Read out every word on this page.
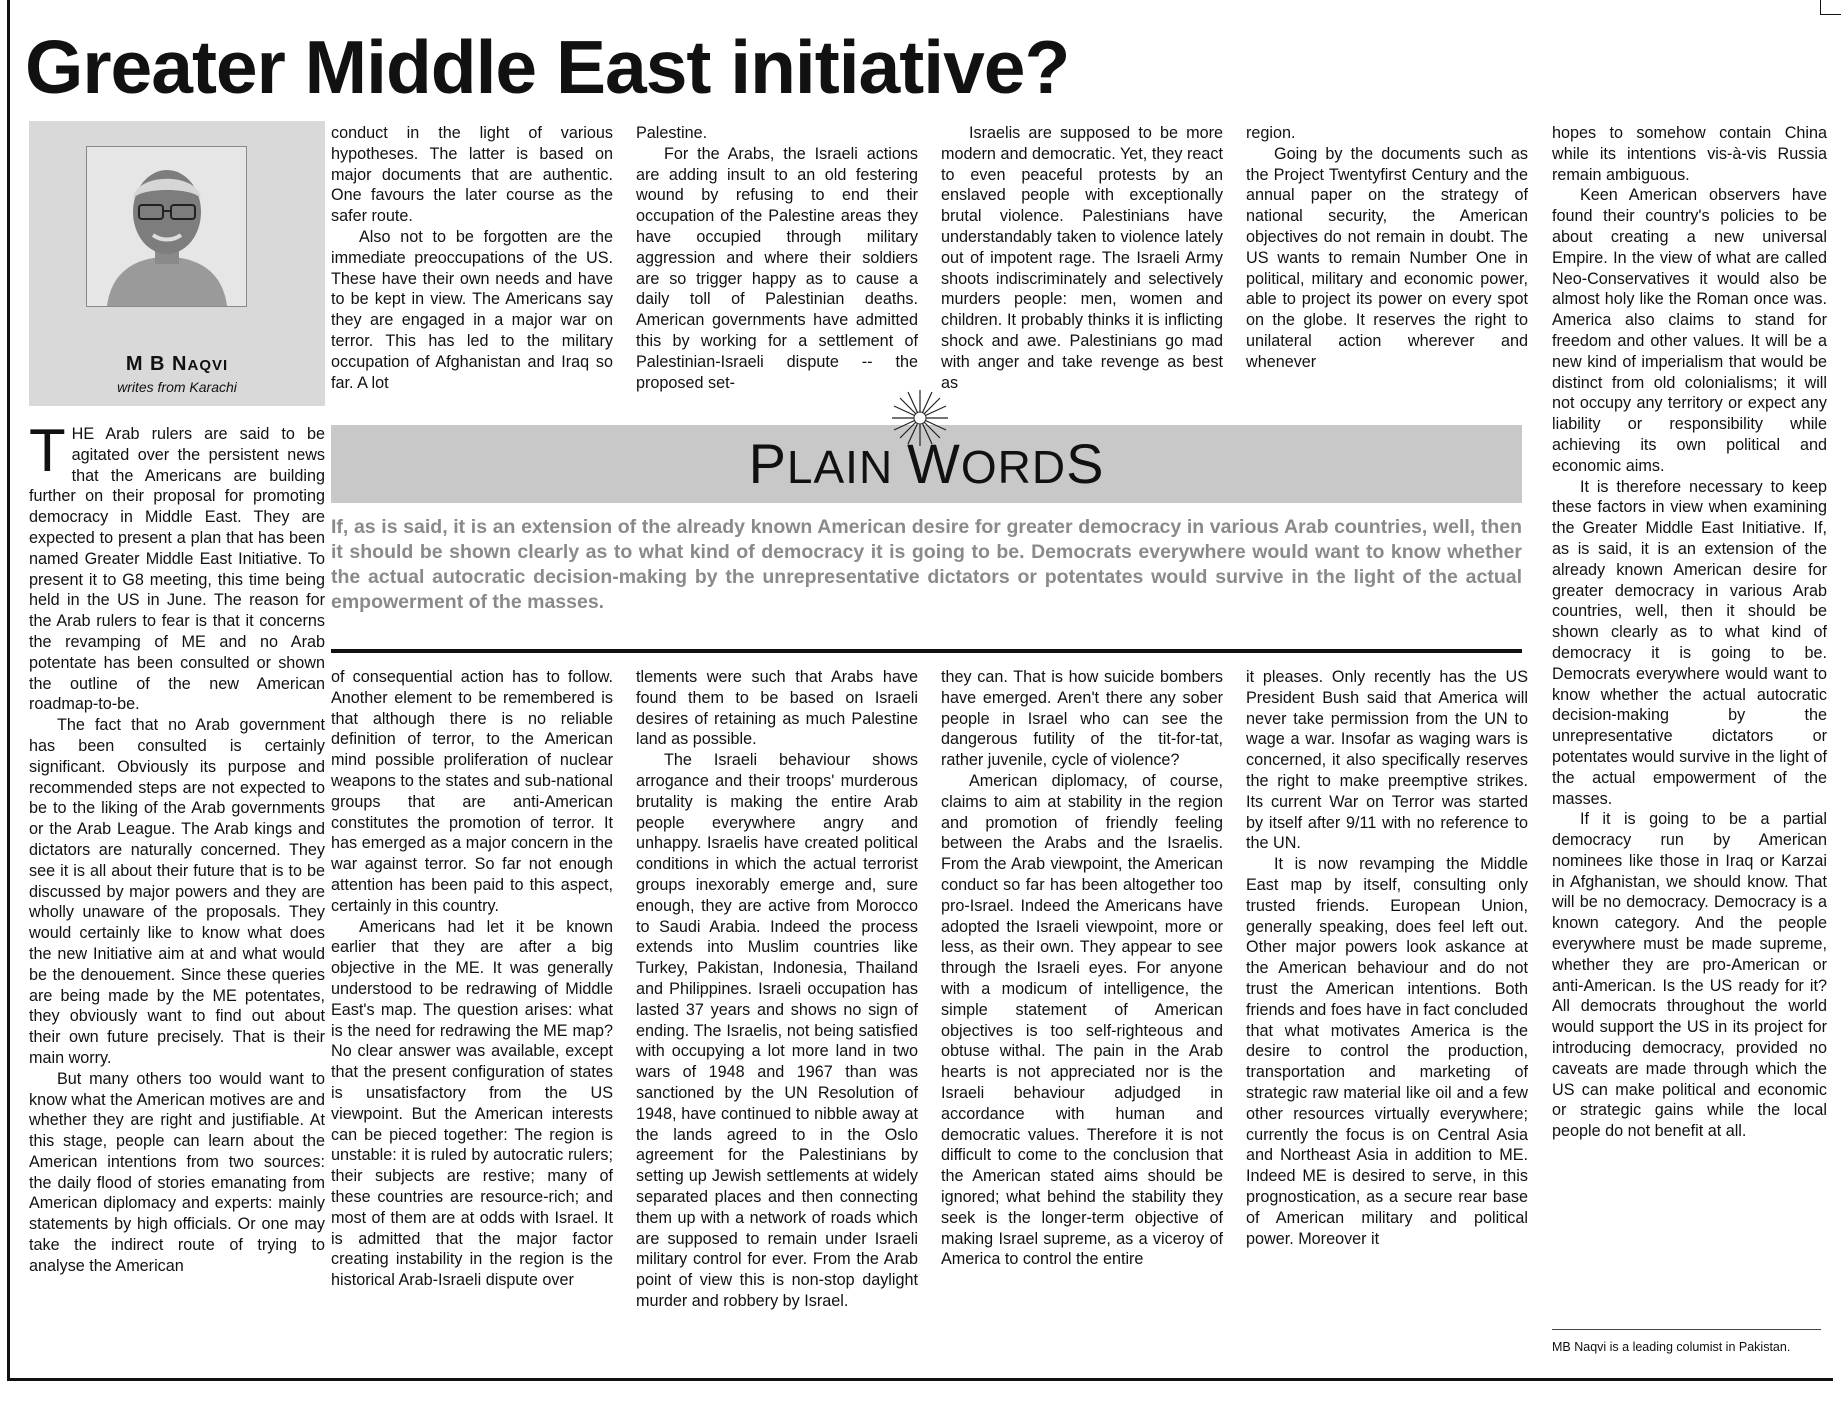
Greater Middle East initiative?
M B NAQVI
writes from Karachi

THE Arab rulers are said to be agitated over the persistent news that the Americans are building further on their proposal for promoting democracy in Middle East. They are expected to present a plan that has been named Greater Middle East Initiative. To present it to G8 meeting, this time being held in the US in June. The reason for the Arab rulers to fear is that it concerns the revamping of ME and no Arab potentate has been consulted or shown the outline of the new American roadmap-to-be.

The fact that no Arab government has been consulted is certainly significant. Obviously its purpose and recommended steps are not expected to be to the liking of the Arab governments or the Arab League. The Arab kings and dictators are naturally concerned. They see it is all about their future that is to be discussed by major powers and they are wholly unaware of the proposals. They would certainly like to know what does the new Initiative aim at and what would be the denouement. Since these queries are being made by the ME potentates, they obviously want to find out about their own future precisely. That is their main worry.

But many others too would want to know what the American motives are and whether they are right and justifiable. At this stage, people can learn about the American intentions from two sources: the daily flood of stories emanating from American diplomacy and experts: mainly statements by high officials. Or one may take the indirect route of trying to analyse the American

conduct in the light of various hypotheses. The latter is based on major documents that are authentic. One favours the later course as the safer route.

Also not to be forgotten are the immediate preoccupations of the US. These have their own needs and have to be kept in view. The Americans say they are engaged in a major war on terror. This has led to the military occupation of Afghanistan and Iraq so far. A lot

Palestine.

For the Arabs, the Israeli actions are adding insult to an old festering wound by refusing to end their occupation of the Palestine areas they have occupied through military aggression and where their soldiers are so trigger happy as to cause a daily toll of Palestinian deaths. American governments have admitted this by working for a settlement of Palestinian-Israeli dispute -- the proposed set-

Israelis are supposed to be more modern and democratic. Yet, they react to even peaceful protests by an enslaved people with exceptionally brutal violence. Palestinians have understandably taken to violence lately out of impotent rage. The Israeli Army shoots indiscriminately and selectively murders people: men, women and children. It probably thinks it is inflicting shock and awe. Palestinians go mad with anger and take revenge as best as

region.

Going by the documents such as the Project Twentyfirst Century and the annual paper on the strategy of national security, the American objectives do not remain in doubt. The US wants to remain Number One in political, military and economic power, able to project its power on every spot on the globe. It reserves the right to unilateral action wherever and whenever

PLAIN WORDS
If, as is said, it is an extension of the already known American desire for greater democracy in various Arab countries, well, then it should be shown clearly as to what kind of democracy it is going to be. Democrats everywhere would want to know whether the actual autocratic decision-making by the unrepresentative dictators or potentates would survive in the light of the actual empowerment of the masses.

of consequential action has to follow. Another element to be remembered is that although there is no reliable definition of terror, to the American mind possible proliferation of nuclear weapons to the states and sub-national groups that are anti-American constitutes the promotion of terror. It has emerged as a major concern in the war against terror. So far not enough attention has been paid to this aspect, certainly in this country.

Americans had let it be known earlier that they are after a big objective in the ME. It was generally understood to be redrawing of Middle East's map. The question arises: what is the need for redrawing the ME map? No clear answer was available, except that the present configuration of states is unsatisfactory from the US viewpoint. But the American interests can be pieced together: The region is unstable: it is ruled by autocratic rulers; their subjects are restive; many of these countries are resource-rich; and most of them are at odds with Israel. It is admitted that the major factor creating instability in the region is the historical Arab-Israeli dispute over

tlements were such that Arabs have found them to be based on Israeli desires of retaining as much Palestine land as possible.

The Israeli behaviour shows arrogance and their troops' murderous brutality is making the entire Arab people everywhere angry and unhappy. Israelis have created political conditions in which the actual terrorist groups inexorably emerge and, sure enough, they are active from Morocco to Saudi Arabia. Indeed the process extends into Muslim countries like Turkey, Pakistan, Indonesia, Thailand and Philippines. Israeli occupation has lasted 37 years and shows no sign of ending. The Israelis, not being satisfied with occupying a lot more land in two wars of 1948 and 1967 than was sanctioned by the UN Resolution of 1948, have continued to nibble away at the lands agreed to in the Oslo agreement for the Palestinians by setting up Jewish settlements at widely separated places and then connecting them up with a network of roads which are supposed to remain under Israeli military control for ever. From the Arab point of view this is non-stop daylight murder and robbery by Israel.

they can. That is how suicide bombers have emerged. Aren't there any sober people in Israel who can see the dangerous futility of the tit-for-tat, rather juvenile, cycle of violence?

American diplomacy, of course, claims to aim at stability in the region and promotion of friendly feeling between the Arabs and the Israelis. From the Arab viewpoint, the American conduct so far has been altogether too pro-Israel. Indeed the Americans have adopted the Israeli viewpoint, more or less, as their own. They appear to see through the Israeli eyes. For anyone with a modicum of intelligence, the simple statement of American objectives is too self-righteous and obtuse withal. The pain in the Arab hearts is not appreciated nor is the Israeli behaviour adjudged in accordance with human and democratic values. Therefore it is not difficult to come to the conclusion that the American stated aims should be ignored; what behind the stability they seek is the longer-term objective of making Israel supreme, as a viceroy of America to control the entire

it pleases. Only recently has the US President Bush said that America will never take permission from the UN to wage a war. Insofar as waging wars is concerned, it also specifically reserves the right to make preemptive strikes. Its current War on Terror was started by itself after 9/11 with no reference to the UN.

It is now revamping the Middle East map by itself, consulting only trusted friends. European Union, generally speaking, does feel left out. Other major powers look askance at the American behaviour and do not trust the American intentions. Both friends and foes have in fact concluded that what motivates America is the desire to control the production, transportation and marketing of strategic raw material like oil and a few other resources virtually everywhere; currently the focus is on Central Asia and Northeast Asia in addition to ME. Indeed ME is desired to serve, in this prognostication, as a secure rear base of American military and political power. Moreover it

hopes to somehow contain China while its intentions vis-à-vis Russia remain ambiguous.

Keen American observers have found their country's policies to be about creating a new universal Empire. In the view of what are called Neo-Conservatives it would also be almost holy like the Roman once was. America also claims to stand for freedom and other values. It will be a new kind of imperialism that would be distinct from old colonialisms; it will not occupy any territory or expect any liability or responsibility while achieving its own political and economic aims.

It is therefore necessary to keep these factors in view when examining the Greater Middle East Initiative. If, as is said, it is an extension of the already known American desire for greater democracy in various Arab countries, well, then it should be shown clearly as to what kind of democracy it is going to be. Democrats everywhere would want to know whether the actual autocratic decision-making by the unrepresentative dictators or potentates would survive in the light of the actual empowerment of the masses.

If it is going to be a partial democracy run by American nominees like those in Iraq or Karzai in Afghanistan, we should know. That will be no democracy. Democracy is a known category. And the people everywhere must be made supreme, whether they are pro-American or anti-American. Is the US ready for it? All democrats throughout the world would support the US in its project for introducing democracy, provided no caveats are made through which the US can make political and economic or strategic gains while the local people do not benefit at all.

MB Naqvi is a leading columist in Pakistan.
